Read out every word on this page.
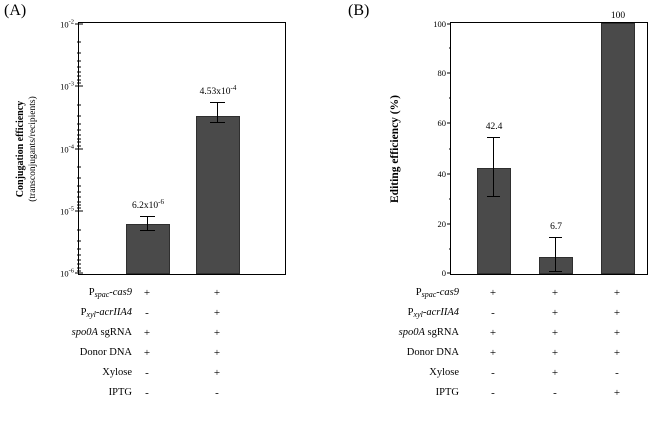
(A)
Conjugation efficiency (transconjugants/recipients)
$10^{-2}$
$10^{-3}$
$10^{-4}$
$10^{-5}$
$10^{-6}$
$6.2x10^{-6}$
$4.53x10^{-4}$
$P_{spac}-cas9$	+	+
$P_{xyl}-acrIIA4$	-	+
spo0A sgRNA	+	+
Donor DNA	+	+
Xylose	-	+
IPTG	-	-
(B)
Editing efficiency (%)
100
80
60
40
20
0
42.4
6.7
100
$P_{spac}-cas9$	+	+	+
$P_{xyl}-acrIIA4$	-	+	+
spo0A sgRNA	+	+	+
Donor DNA	+	+	+
Xylose	-	+	-
IPTG	-	-	+
